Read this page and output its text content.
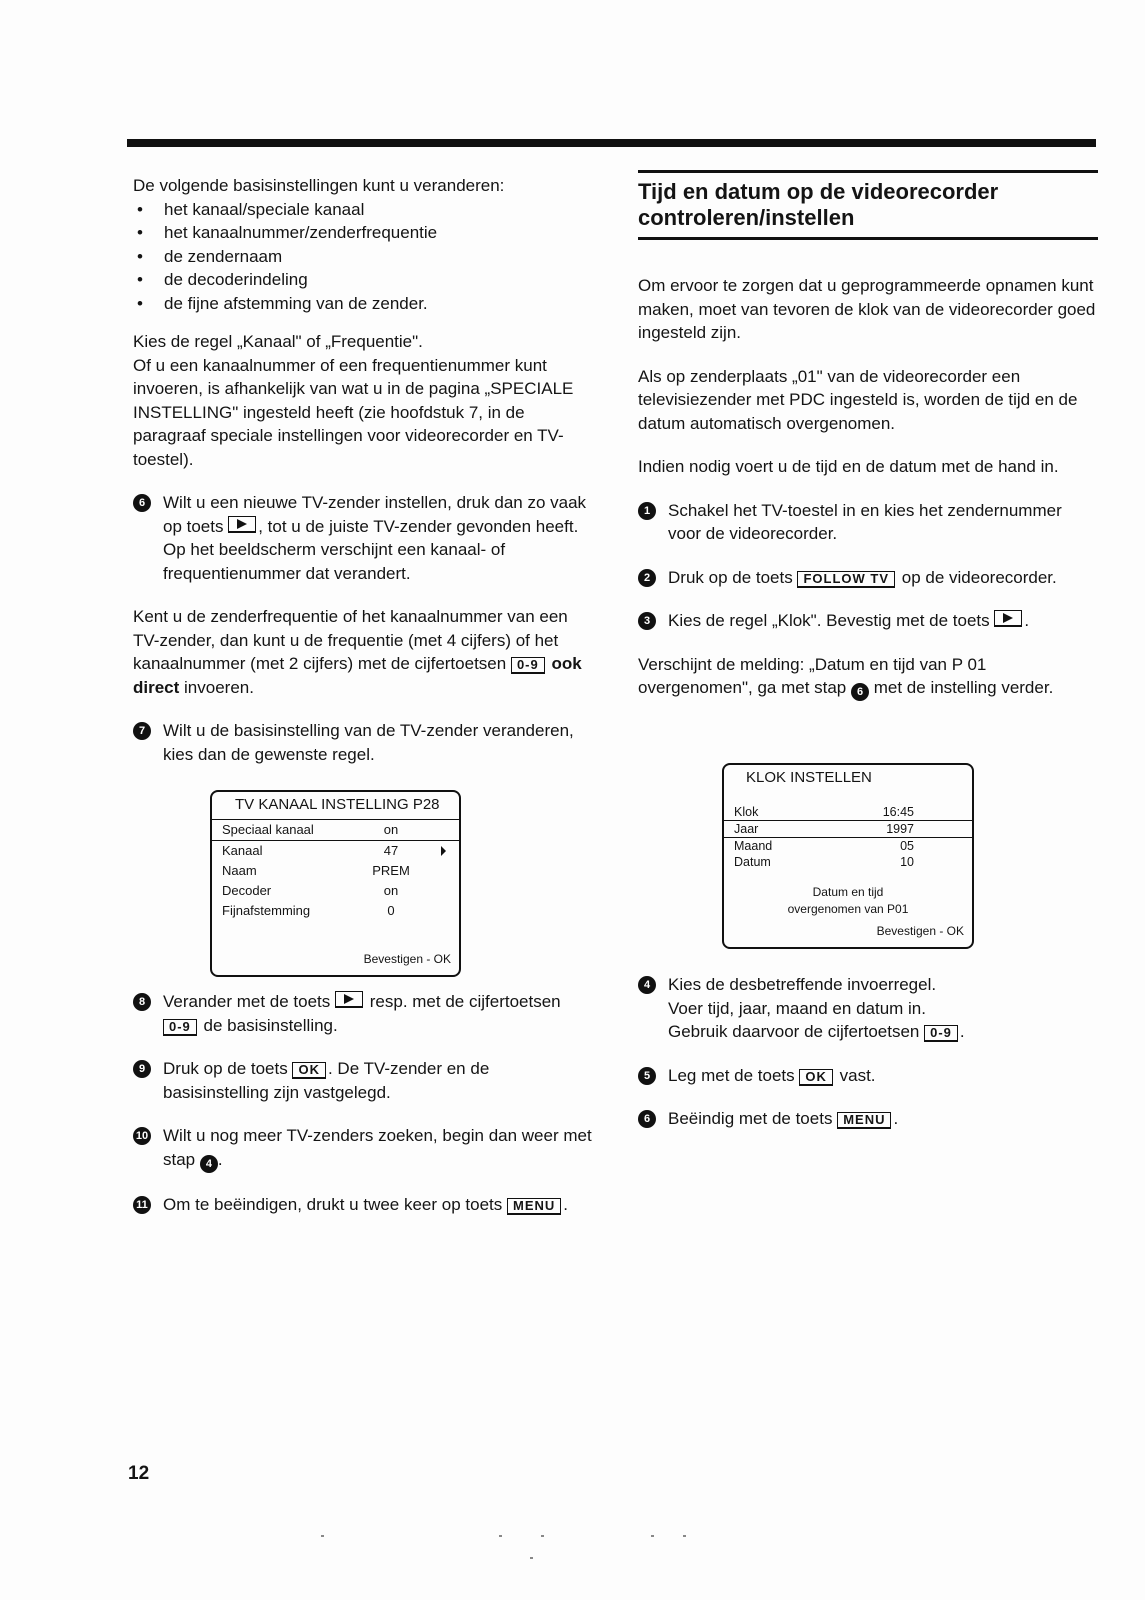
De volgende basisinstellingen kunt u veranderen:

• het kanaal/speciale kanaal
• het kanaalnummer/zenderfrequentie
• de zendernaam
• de decoderindeling
• de fijne afstemming van de zender.

Kies de regel „Kanaal" of „Frequentie".

Of u een kanaalnummer of een frequentienummer kunt invoeren, is afhankelijk van wat u in de pagina „SPECIALE INSTELLING" ingesteld heeft (zie hoofdstuk 7, in de paragraaf speciale instellingen voor videorecorder en TV-toestel).

6	Wilt u een nieuwe TV-zender instellen, druk dan zo vaak op toets , tot u de juiste TV-zender gevonden heeft. Op het beeldscherm verschijnt een kanaal- of frequentienummer dat verandert.

Kent u de zenderfrequentie of het kanaalnummer van een TV-zender, dan kunt u de frequentie (met 4 cijfers) of het kanaalnummer (met 2 cijfers) met de cijfertoetsen 0-9 ook direct invoeren.

7	Wilt u de basisinstelling van de TV-zender veranderen, kies dan de gewenste regel.
TV KANAAL INSTELLING P28
Speciaal kanaal	on
Kanaal	47
Naam	PREM
Decoder	on
Fijnafstemming	0
Bevestigen - OK
8	Verander met de toets resp. met de cijfertoetsen 0-9 de basisinstelling.
9	Druk op de toets OK . De TV-zender en de basisinstelling zijn vastgelegd.
10 Wilt u nog meer TV-zenders zoeken, begin dan weer met stap 4 .
11 Om te beëindigen, drukt u twee keer op toets MENU .
Tijd en datum op de videorecorder controleren/instellen

Om ervoor te zorgen dat u geprogrammeerde opnamen kunt maken, moet van tevoren de klok van de videorecorder goed ingesteld zijn.

Als op zenderplaats „01" van de videorecorder een televisiezender met PDC ingesteld is, worden de tijd en de datum automatisch overgenomen.

Indien nodig voert u de tijd en de datum met de hand in.

1	Schakel het TV-toestel in en kies het zendernummer voor de videorecorder.
2	Druk op de toets FOLLOW TV op de videorecorder.
3	Kies de regel „Klok". Bevestig met de toets .

Verschijnt de melding: „Datum en tijd van P 01 overgenomen", ga met stap 6 met de instelling verder.

KLOK INSTELLEN
Klok	16:45
Jaar	1997
Maand	05
Datum	10
Datum en tijd
overgenomen van P01
Bevestigen - OK
4	Kies de desbetreffende invoerregel.
Voer tijd, jaar, maand en datum in.
Gebruik daarvoor de cijfertoetsen 0-9 .
5	Leg met de toets OK vast.
6	Beëindig met de toets MENU .
12
